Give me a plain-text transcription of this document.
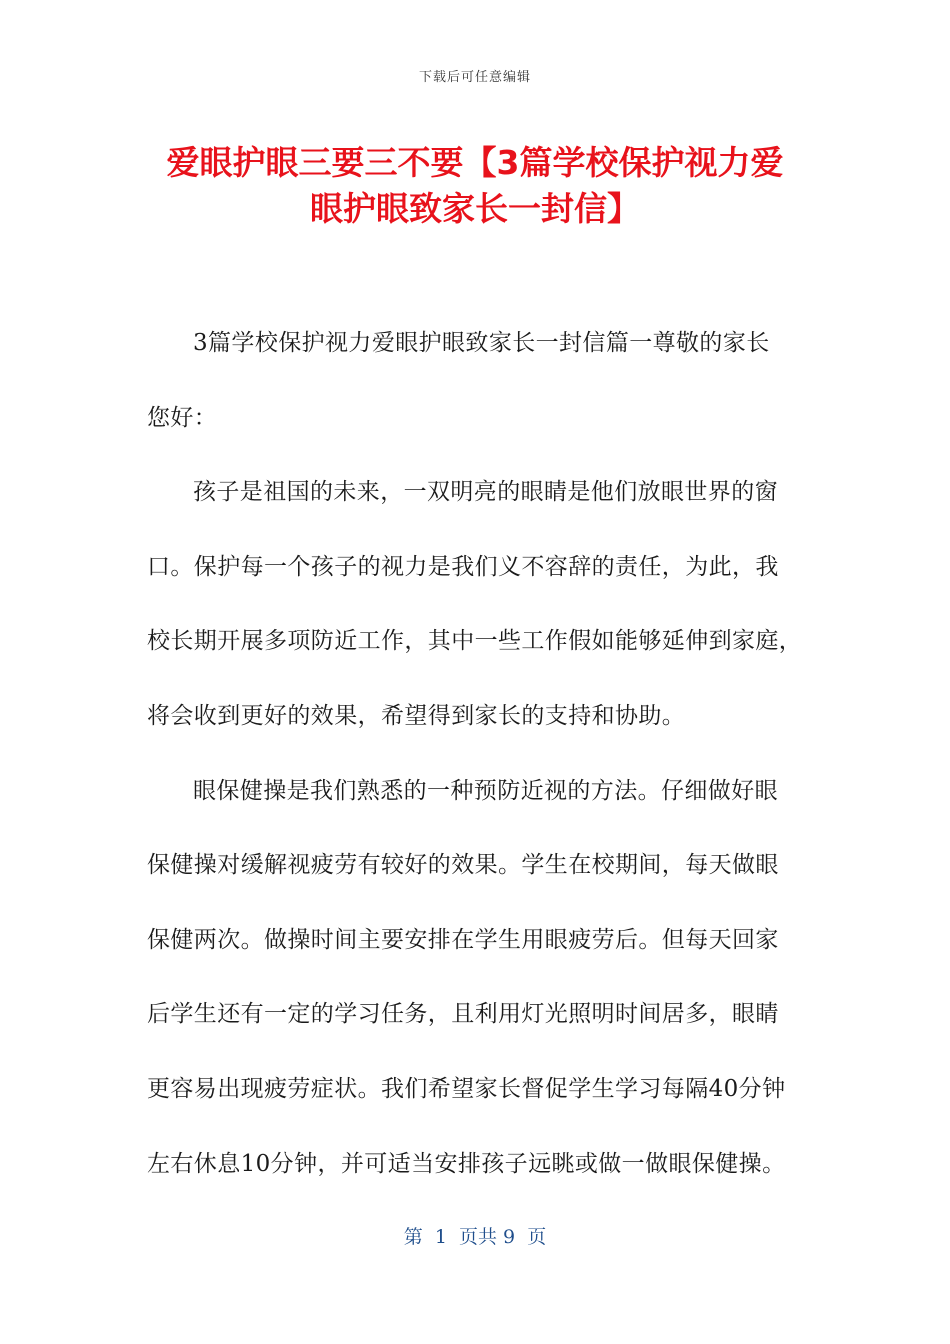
下载后可任意编辑
爱眼护眼三要三不要【3篇学校保护视力爱
眼护眼致家长一封信】
3篇学校保护视力爱眼护眼致家长一封信篇一尊敬的家长
您好：
孩子是祖国的未来，一双明亮的眼睛是他们放眼世界的窗
口。保护每一个孩子的视力是我们义不容辞的责任，为此，我
校长期开展多项防近工作，其中一些工作假如能够延伸到家庭，
将会收到更好的效果，希望得到家长的支持和协助。
眼保健操是我们熟悉的一种预防近视的方法。仔细做好眼
保健操对缓解视疲劳有较好的效果。学生在校期间，每天做眼
保健两次。做操时间主要安排在学生用眼疲劳后。但每天回家
后学生还有一定的学习任务，且利用灯光照明时间居多，眼睛
更容易出现疲劳症状。我们希望家长督促学生学习每隔40分钟
左右休息10分钟，并可适当安排孩子远眺或做一做眼保健操。
第  1  页共 9  页
